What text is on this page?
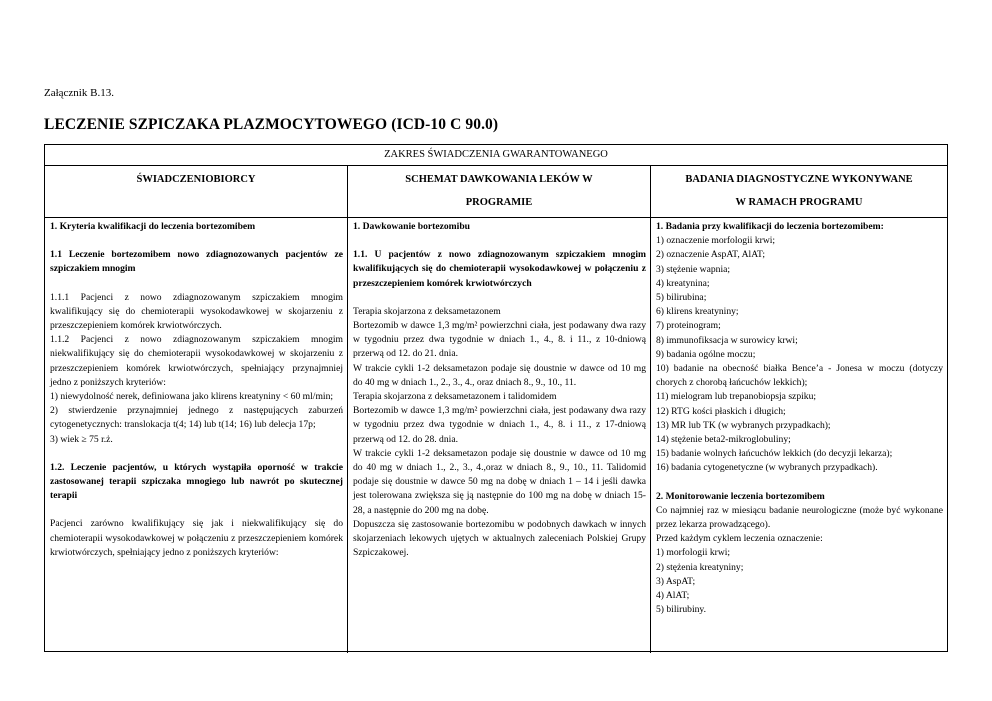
Załącznik B.13.
LECZENIE SZPICZAKA PLAZMOCYTOWEGO (ICD-10 C 90.0)
ZAKRES ŚWIADCZENIA GWARANTOWANEGO
ŚWIADCZENIOBIORCY	SCHEMAT DAWKOWANIA LEKÓW W
PROGRAMIE
BADANIA DIAGNOSTYCZNE WYKONYWANE
W RAMACH PROGRAMU
1. Kryteria kwalifikacji do leczenia bortezomibem
1.1 Leczenie bortezomibem nowo zdiagnozowanych pacjentów ze szpiczakiem mnogim
1.1.1 Pacjenci z nowo zdiagnozowanym szpiczakiem mnogim kwalifikujący się do chemioterapii wysokodawkowej w skojarzeniu z przeszczepieniem komórek krwiotwórczych.
1.1.2 Pacjenci z nowo zdiagnozowanym szpiczakiem mnogim niekwalifikujący się do chemioterapii wysokodawkowej w skojarzeniu z przeszczepieniem komórek krwiotwórczych, spełniający przynajmniej jedno z poniższych kryteriów:
1) niewydolność nerek, definiowana jako klirens kreatyniny < 60 ml/min;
2) stwierdzenie przynajmniej jednego z następujących zaburzeń cytogenetycznych: translokacja t(4; 14) lub t(14; 16) lub delecja 17p;
3) wiek ≥ 75 r.ż.
1.2. Leczenie pacjentów, u których wystąpiła oporność w trakcie zastosowanej terapii szpiczaka mnogiego lub nawrót po skutecznej terapii
Pacjenci zarówno kwalifikujący się jak i niekwalifikujący się do chemioterapii wysokodawkowej w połączeniu z przeszczepieniem komórek krwiotwórczych, spełniający jedno z poniższych kryteriów:
1. Dawkowanie bortezomibu
1.1. U pacjentów z nowo zdiagnozowanym szpiczakiem mnogim kwalifikujących się do chemioterapii wysokodawkowej w połączeniu z przeszczepieniem komórek krwiotwórczych
Terapia skojarzona z deksametazonem
Bortezomib w dawce 1,3 mg/m² powierzchni ciała, jest podawany dwa razy w tygodniu przez dwa tygodnie w dniach 1., 4., 8. i 11., z 10-dniową przerwą od 12. do 21. dnia.
W trakcie cykli 1-2 deksametazon podaje się doustnie w dawce od 10 mg do 40 mg w dniach 1., 2., 3., 4., oraz dniach 8., 9., 10., 11.
Terapia skojarzona z deksametazonem i talidomidem
Bortezomib w dawce 1,3 mg/m² powierzchni ciała, jest podawany dwa razy w tygodniu przez dwa tygodnie w dniach 1., 4., 8. i 11., z 17-dniową przerwą od 12. do 28. dnia.
W trakcie cykli 1-2 deksametazon podaje się doustnie w dawce od 10 mg do 40 mg w dniach 1., 2., 3., 4.,oraz w dniach 8., 9., 10., 11. Talidomid podaje się doustnie w dawce 50 mg na dobę w dniach 1 – 14 i jeśli dawka jest tolerowana zwiększa się ją następnie do 100 mg na dobę w dniach 15-28, a następnie do 200 mg na dobę.
Dopuszcza się zastosowanie bortezomibu w podobnych dawkach w innych skojarzeniach lekowych ujętych w aktualnych zaleceniach Polskiej Grupy Szpiczakowej.
1. Badania przy kwalifikacji do leczenia bortezomibem:
1) oznaczenie morfologii krwi;
2) oznaczenie AspAT, AlAT;
3) stężenie wapnia;
4) kreatynina;
5) bilirubina;
6) klirens kreatyniny;
7) proteinogram;
8) immunofiksacja w surowicy krwi;
9) badania ogólne moczu;
10) badanie na obecność białka Bence’a - Jonesa w moczu (dotyczy chorych z chorobą łańcuchów lekkich);
11) mielogram lub trepanobiopsja szpiku;
12) RTG kości płaskich i długich;
13) MR lub TK (w wybranych przypadkach);
14) stężenie beta2-mikroglobuliny;
15) badanie wolnych łańcuchów lekkich (do decyzji lekarza);
16) badania cytogenetyczne (w wybranych przypadkach).
2. Monitorowanie leczenia bortezomibem
Co najmniej raz w miesiącu badanie neurologiczne (może być wykonane przez lekarza prowadzącego).
Przed każdym cyklem leczenia oznaczenie:
1) morfologii krwi;
2) stężenia kreatyniny;
3) AspAT;
4) AlAT;
5) bilirubiny.
